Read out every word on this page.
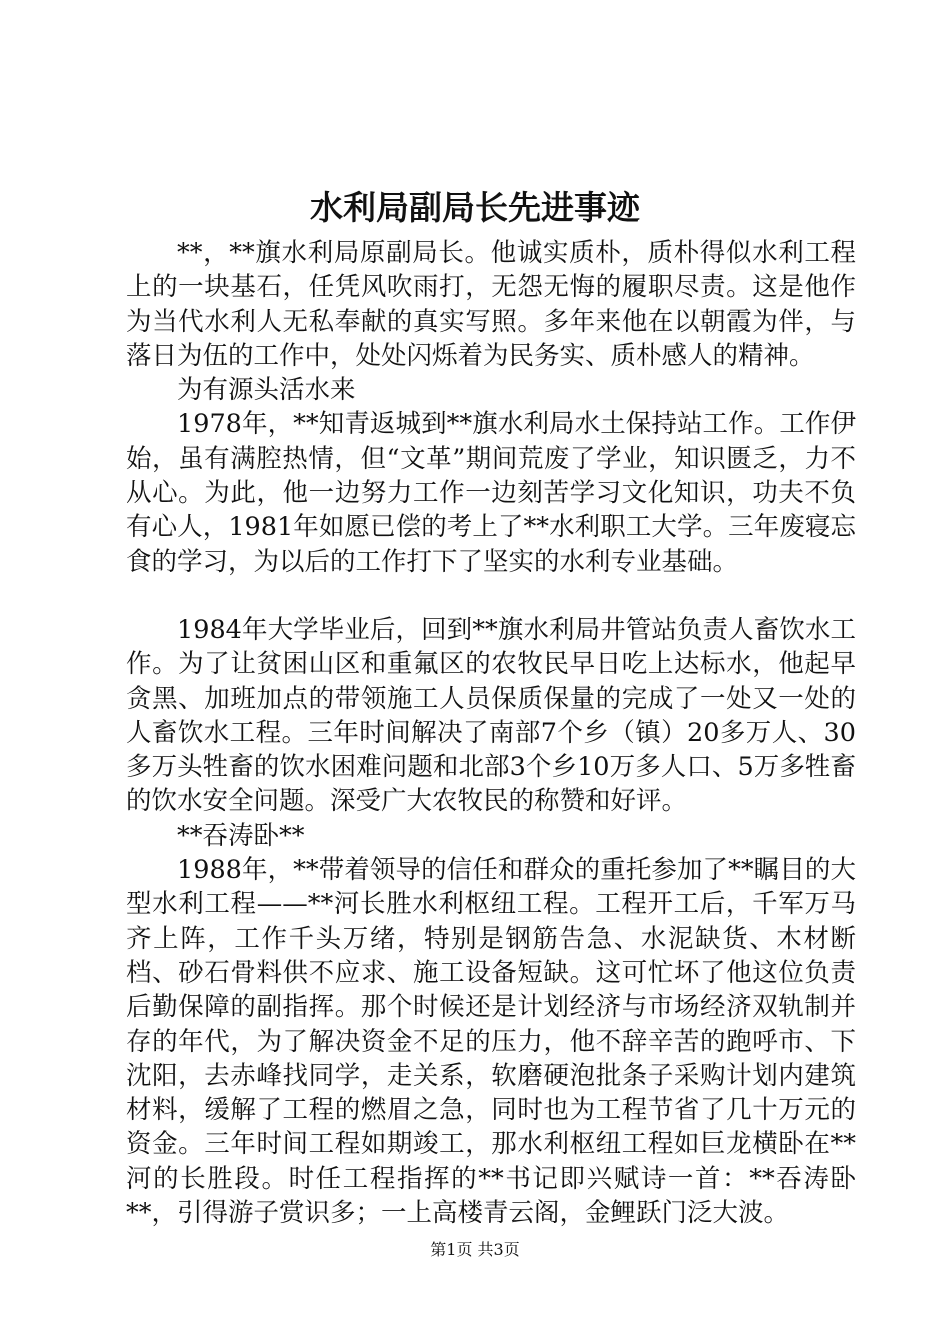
水利局副局长先进事迹

**，**旗水利局原副局长。他诚实质朴，质朴得似水利工程上的一块基石，任凭风吹雨打，无怨无悔的履职尽责。这是他作为当代水利人无私奉献的真实写照。多年来他在以朝霞为伴，与落日为伍的工作中，处处闪烁着为民务实、质朴感人的精神。

为有源头活水来

1978年，**知青返城到**旗水利局水土保持站工作。工作伊始，虽有满腔热情，但“文革”期间荒废了学业，知识匮乏，力不从心。为此，他一边努力工作一边刻苦学习文化知识，功夫不负有心人，1981年如愿已偿的考上了**水利职工大学。三年废寝忘食的学习，为以后的工作打下了坚实的水利专业基础。

1984年大学毕业后，回到**旗水利局井管站负责人畜饮水工作。为了让贫困山区和重氟区的农牧民早日吃上达标水，他起早贪黑、加班加点的带领施工人员保质保量的完成了一处又一处的人畜饮水工程。三年时间解决了南部7个乡（镇）20多万人、30多万头牲畜的饮水困难问题和北部3个乡10万多人口、5万多牲畜的饮水安全问题。深受广大农牧民的称赞和好评。

**吞涛卧**

1988年，**带着领导的信任和群众的重托参加了**瞩目的大型水利工程——**河长胜水利枢纽工程。工程开工后，千军万马齐上阵，工作千头万绪，特别是钢筋告急、水泥缺货、木材断档、砂石骨料供不应求、施工设备短缺。这可忙坏了他这位负责后勤保障的副指挥。那个时候还是计划经济与市场经济双轨制并存的年代，为了解决资金不足的压力，他不辞辛苦的跑呼市、下沈阳，去赤峰找同学，走关系，软磨硬泡批条子采购计划内建筑材料，缓解了工程的燃眉之急，同时也为工程节省了几十万元的资金。三年时间工程如期竣工，那水利枢纽工程如巨龙横卧在**河的长胜段。时任工程指挥的**书记即兴赋诗一首：**吞涛卧**，引得游子赏识多；一上高楼青云阁，金鲤跃门泛大波。

第1页 共3页
